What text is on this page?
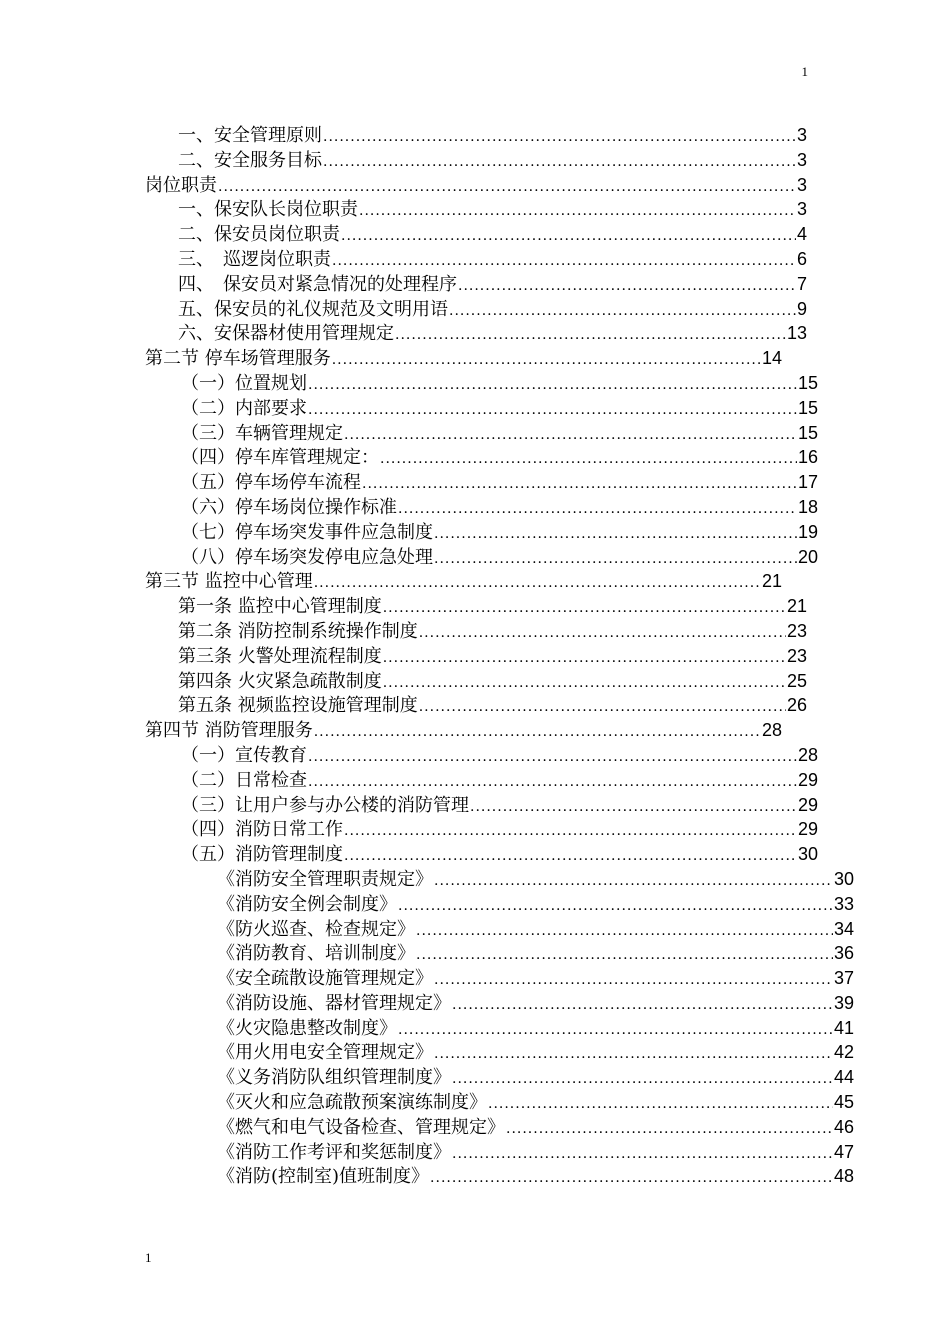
1
一、安全管理原则 .....	3
二、安全服务目标 .....	3
岗位职责 .....	3
一、保安队长岗位职责 .....	3
二、保安员岗位职责 .....	4
三、　巡逻岗位职责 .....	6
四、　保安员对紧急情况的处理程序 .....	7
五、保安员的礼仪规范及文明用语 .....	9
六、安保器材使用管理规定 .....	13
第二节 停车场管理服务 .....	14
（一）位置规划 .....	15
（二）内部要求 .....	15
（三）车辆管理规定 .....	15
（四）停车库管理规定： .....	16
（五）停车场停车流程 .....	17
（六）停车场岗位操作标准 .....	18
（七）停车场突发事件应急制度 .....	19
（八）停车场突发停电应急处理 .....	20
第三节 监控中心管理 .....	21
第一条 监控中心管理制度 .....	21
第二条 消防控制系统操作制度 .....	23
第三条 火警处理流程制度 .....	23
第四条 火灾紧急疏散制度 .....	25
第五条 视频监控设施管理制度 .....	26
第四节 消防管理服务 .....	28
（一）宣传教育 .....	28
（二）日常检查 .....	29
（三）让用户参与办公楼的消防管理 .....	29
（四）消防日常工作 .....	29
（五）消防管理制度 .....	30
《消防安全管理职责规定》 .....	30
《消防安全例会制度》 .....	33
《防火巡查、检查规定》 .....	34
《消防教育、培训制度》 .....	36
《安全疏散设施管理规定》 .....	37
《消防设施、器材管理规定》 .....	39
《火灾隐患整改制度》 .....	41
《用火用电安全管理规定》 .....	42
《义务消防队组织管理制度》 .....	44
《灭火和应急疏散预案演练制度》 .....	45
《燃气和电气设备检查、管理规定》 .....	46
《消防工作考评和奖惩制度》 .....	47
《消防(控制室)值班制度》 .....	48
1
